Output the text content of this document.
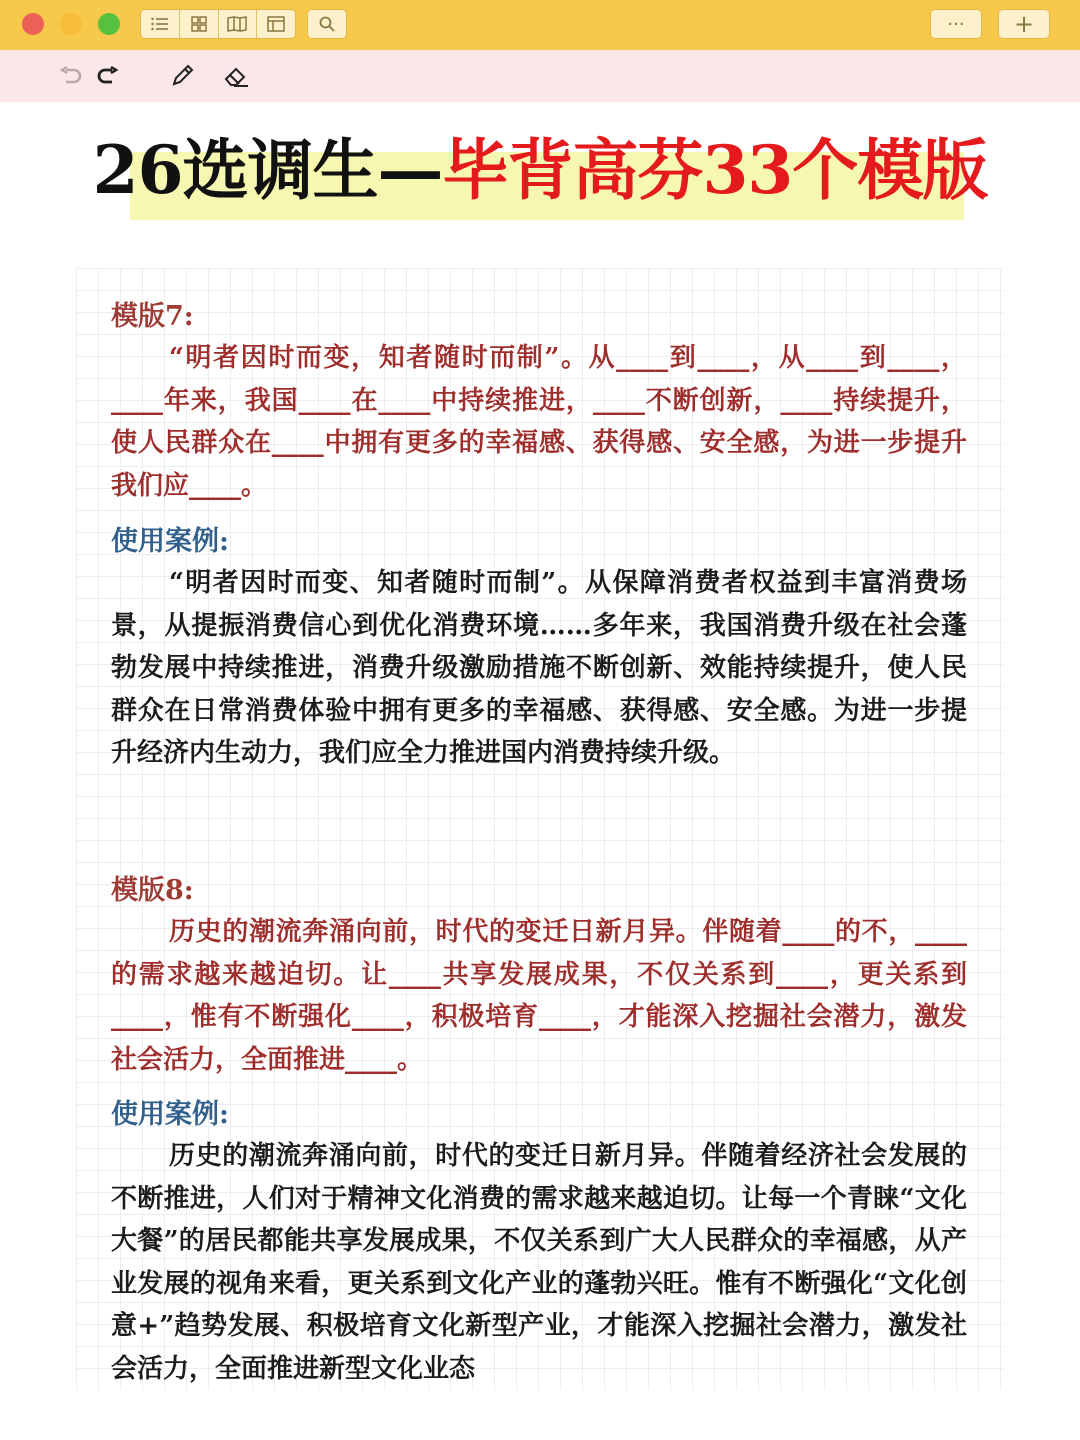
···	+
26选调生—毕背高芬33个模版
模版7:

“明者因时而变，知者随时而制”。从____到____，从____到____，____年来，我国____在____中持续推进，____不断创新，____持续提升，使人民群众在____中拥有更多的幸福感、获得感、安全感，为进一步提升我们应____。

使用案例:

“明者因时而变、知者随时而制”。从保障消费者权益到丰富消费场景，从提振消费信心到优化消费环境……多年来，我国消费升级在社会蓬勃发展中持续推进，消费升级激励措施不断创新、效能持续提升，使人民群众在日常消费体验中拥有更多的幸福感、获得感、安全感。为进一步提升经济内生动力，我们应全力推进国内消费持续升级。

模版8:

历史的潮流奔涌向前，时代的变迁日新月异。伴随着____的不，____的需求越来越迫切。让____共享发展成果，不仅关系到____，更关系到____，惟有不断强化____，积极培育____，才能深入挖掘社会潜力，激发社会活力，全面推进____。

使用案例:

历史的潮流奔涌向前，时代的变迁日新月异。伴随着经济社会发展的不断推进，人们对于精神文化消费的需求越来越迫切。让每一个青睐“文化大餐”的居民都能共享发展成果，不仅关系到广大人民群众的幸福感，从产业发展的视角来看，更关系到文化产业的蓬勃兴旺。惟有不断强化“文化创意+”趋势发展、积极培育文化新型产业，才能深入挖掘社会潜力，激发社会活力，全面推进新型文化业态
